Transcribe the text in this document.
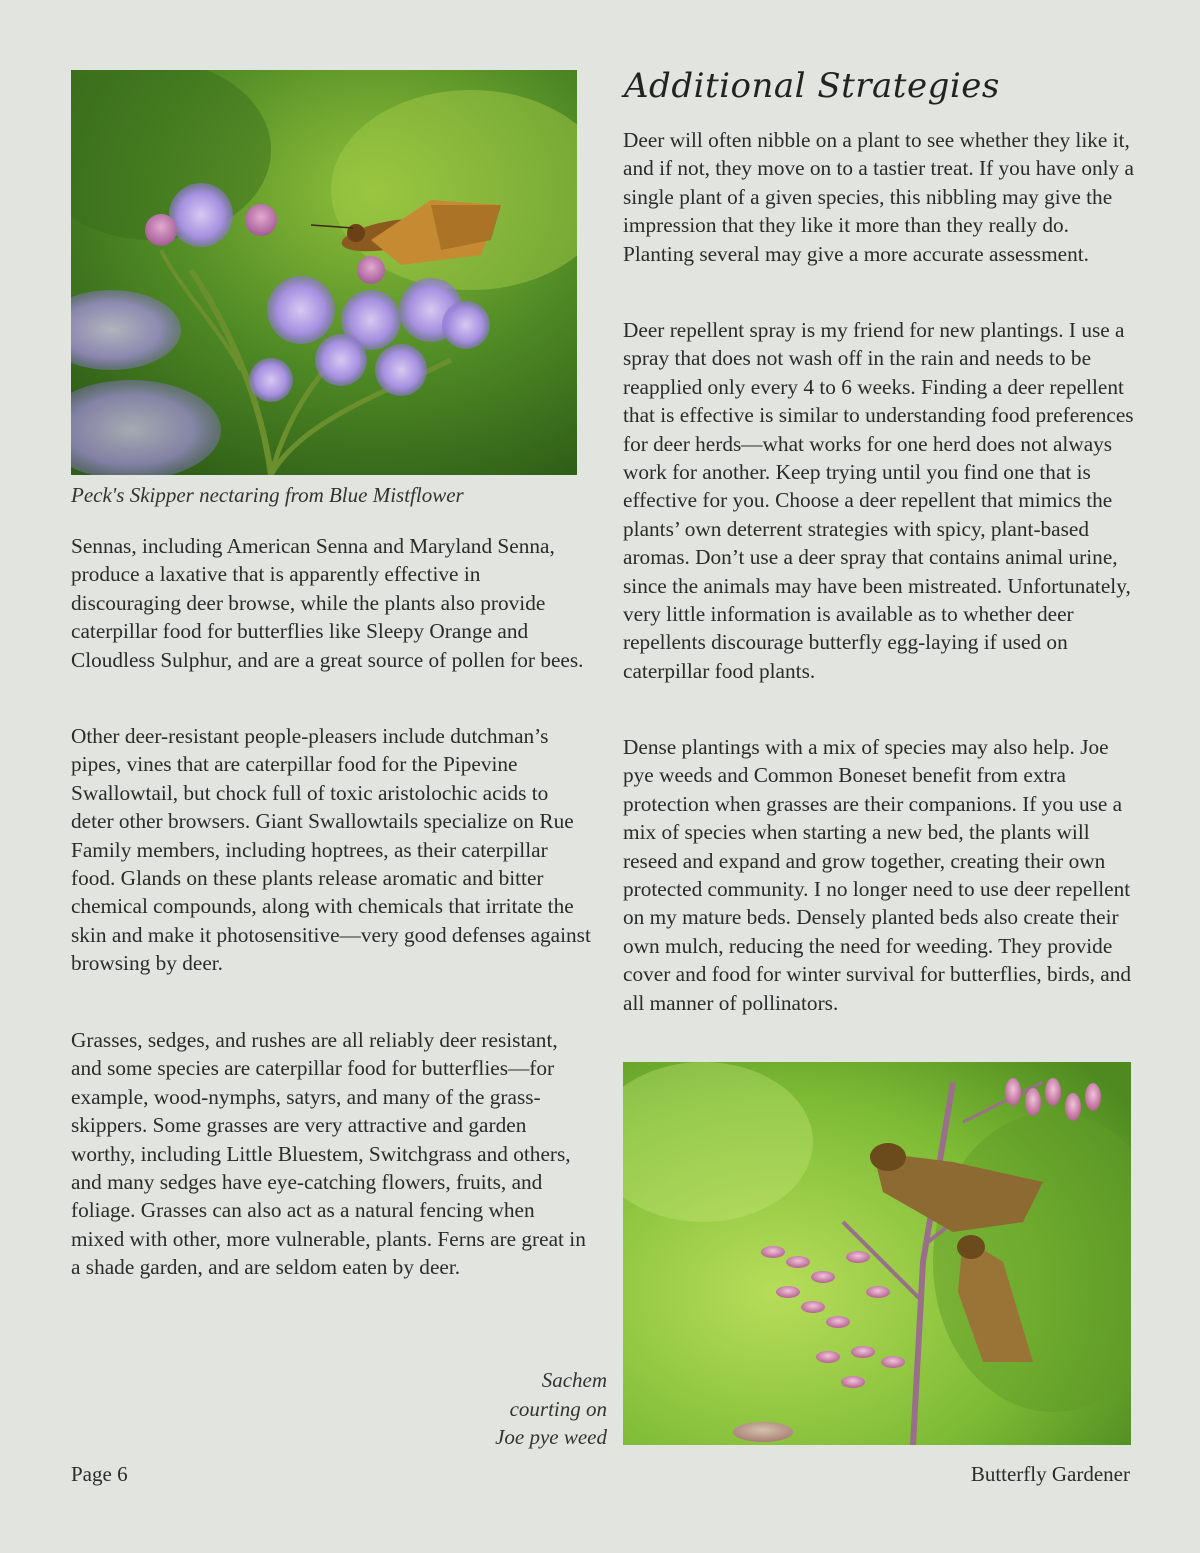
Peck's Skipper nectaring from Blue Mistflower

Sennas, including American Senna and Maryland Senna, produce a laxative that is apparently effective in discouraging deer browse, while the plants also provide caterpillar food for butterflies like Sleepy Orange and Cloudless Sulphur, and are a great source of pollen for bees.

Other deer-resistant people-pleasers include dutchman’s pipes, vines that are caterpillar food for the Pipevine Swallowtail, but chock full of toxic aristolochic acids to deter other browsers. Giant Swallowtails specialize on Rue Family members, including hoptrees, as their caterpillar food. Glands on these plants release aromatic and bitter chemical compounds, along with chemicals that irritate the skin and make it photosensitive—very good defenses against browsing by deer.

Grasses, sedges, and rushes are all reliably deer resistant, and some species are caterpillar food for butterflies—for example, wood-nymphs, satyrs, and many of the grass-skippers. Some grasses are very attractive and garden worthy, including Little Bluestem, Switchgrass and others, and many sedges have eye-catching flowers, fruits, and foliage. Grasses can also act as a natural fencing when mixed with other, more vulnerable, plants. Ferns are great in a shade garden, and are seldom eaten by deer.

Sachem
courting on
Joe pye weed
Additional Strategies

Deer will often nibble on a plant to see whether they like it, and if not, they move on to a tastier treat. If you have only a single plant of a given species, this nibbling may give the impression that they like it more than they really do. Planting several may give a more accurate assessment.

Deer repellent spray is my friend for new plantings. I use a spray that does not wash off in the rain and needs to be reapplied only every 4 to 6 weeks. Finding a deer repellent that is effective is similar to understanding food preferences for deer herds—what works for one herd does not always work for another. Keep trying until you find one that is effective for you. Choose a deer repellent that mimics the plants’ own deterrent strategies with spicy, plant-based aromas. Don’t use a deer spray that contains animal urine, since the animals may have been mistreated. Unfortunately, very little information is available as to whether deer repellents discourage butterfly egg-laying if used on caterpillar food plants.

Dense plantings with a mix of species may also help. Joe pye weeds and Common Boneset benefit from extra protection when grasses are their companions. If you use a mix of species when starting a new bed, the plants will reseed and expand and grow together, creating their own protected community. I no longer need to use deer repellent on my mature beds. Densely planted beds also create their own mulch, reducing the need for weeding. They provide cover and food for winter survival for butterflies, birds, and all manner of pollinators.

Page 6	Butterfly Gardener
